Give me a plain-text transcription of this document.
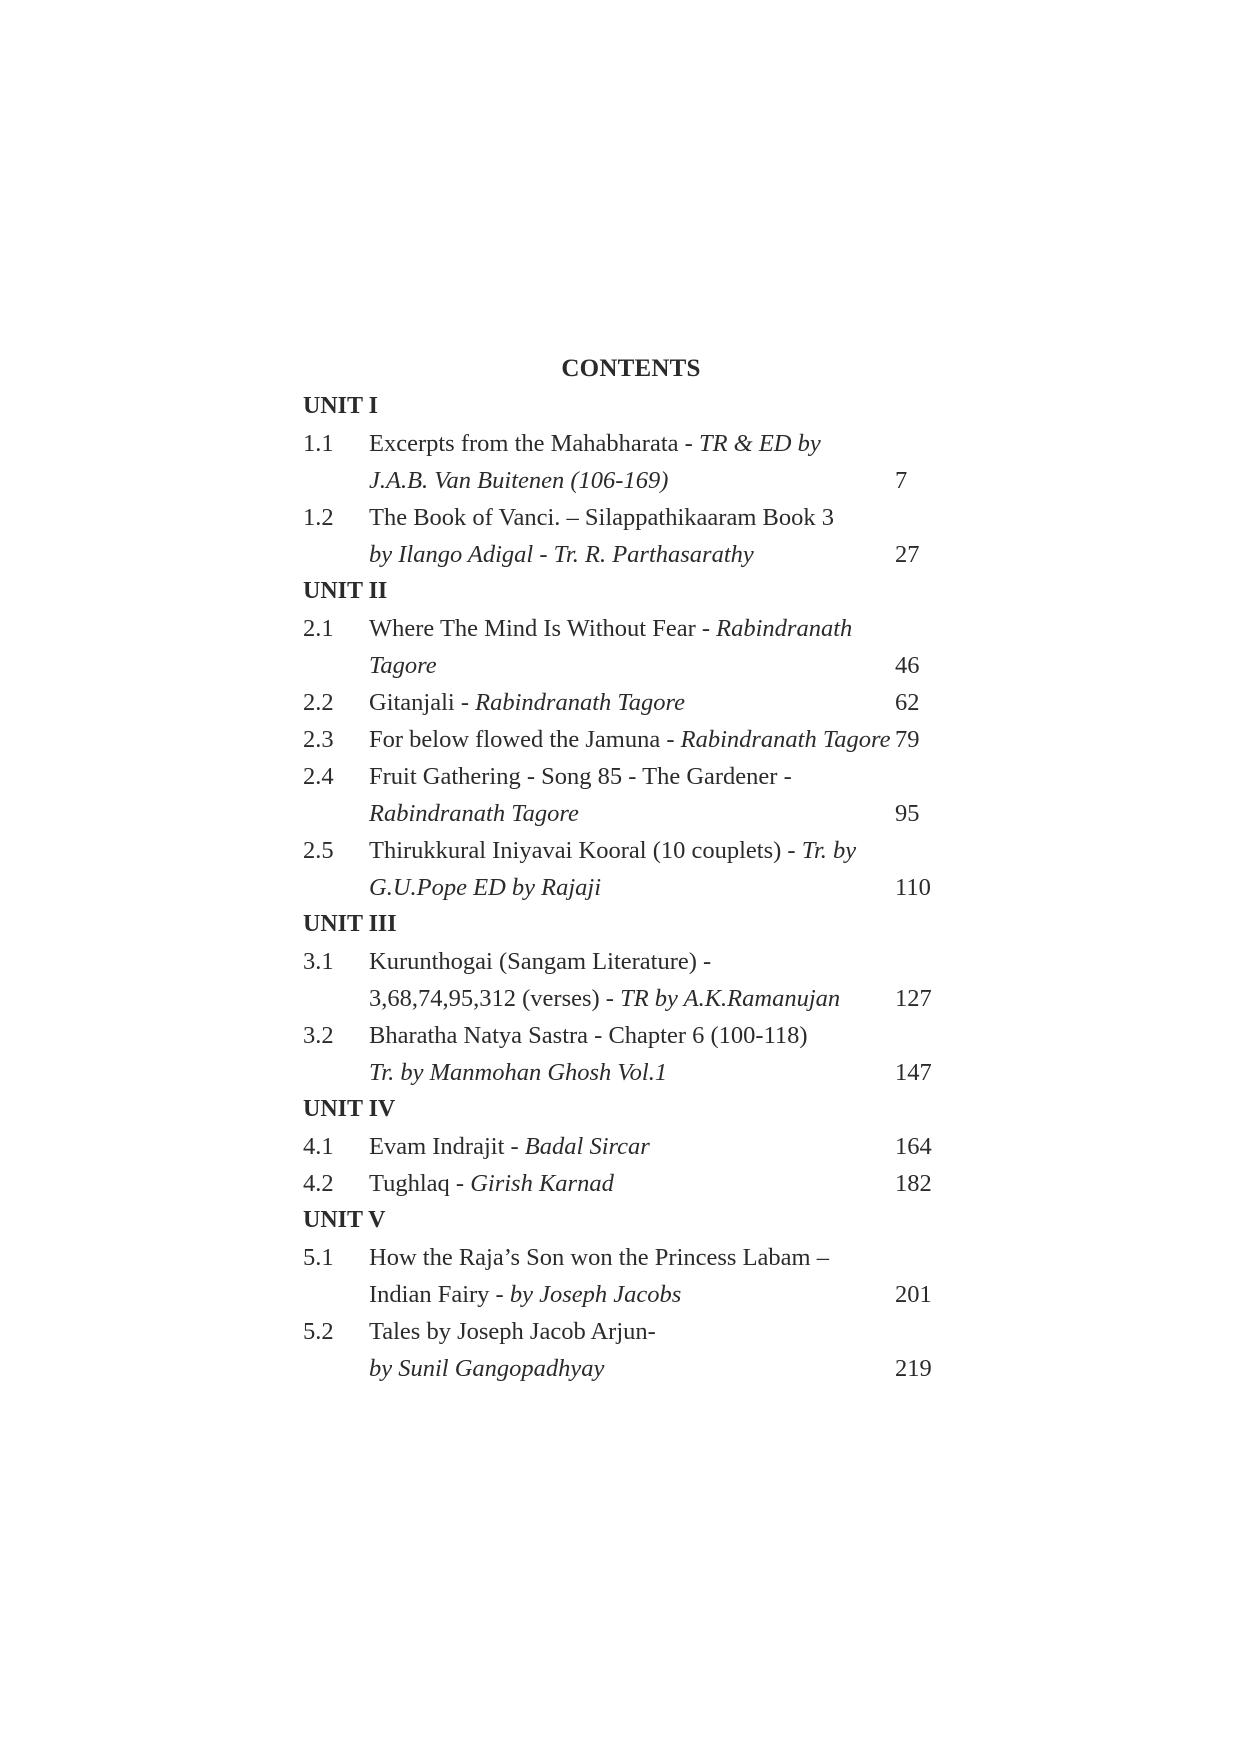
CONTENTS
UNIT I
1.1 Excerpts from the Mahabharata - TR & ED by
J.A.B. Van Buitenen (106-169)	7
1.2 The Book of Vanci. – Silappathikaaram Book 3
by Ilango Adigal - Tr. R. Parthasarathy	27
UNIT II
2.1 Where The Mind Is Without Fear - Rabindranath
Tagore	46
2.2 Gitanjali - Rabindranath Tagore	62
2.3 For below flowed the Jamuna - Rabindranath Tagore 79
2.4 Fruit Gathering - Song 85 - The Gardener -
Rabindranath Tagore	95
2.5 Thirukkural Iniyavai Kooral (10 couplets) - Tr. by
G.U.Pope ED by Rajaji	110
UNIT III
3.1 Kurunthogai (Sangam Literature) -
3,68,74,95,312 (verses) - TR by A.K.Ramanujan 127
3.2 Bharatha Natya Sastra - Chapter 6 (100-118)
Tr. by Manmohan Ghosh Vol.1	147
UNIT IV
4.1 Evam Indrajit - Badal Sircar	164
4.2 Tughlaq - Girish Karnad	182
UNIT V
5.1 How the Raja’s Son won the Princess Labam –
Indian Fairy - by Joseph Jacobs	201
5.2 Tales by Joseph Jacob Arjun-
by Sunil Gangopadhyay	219
